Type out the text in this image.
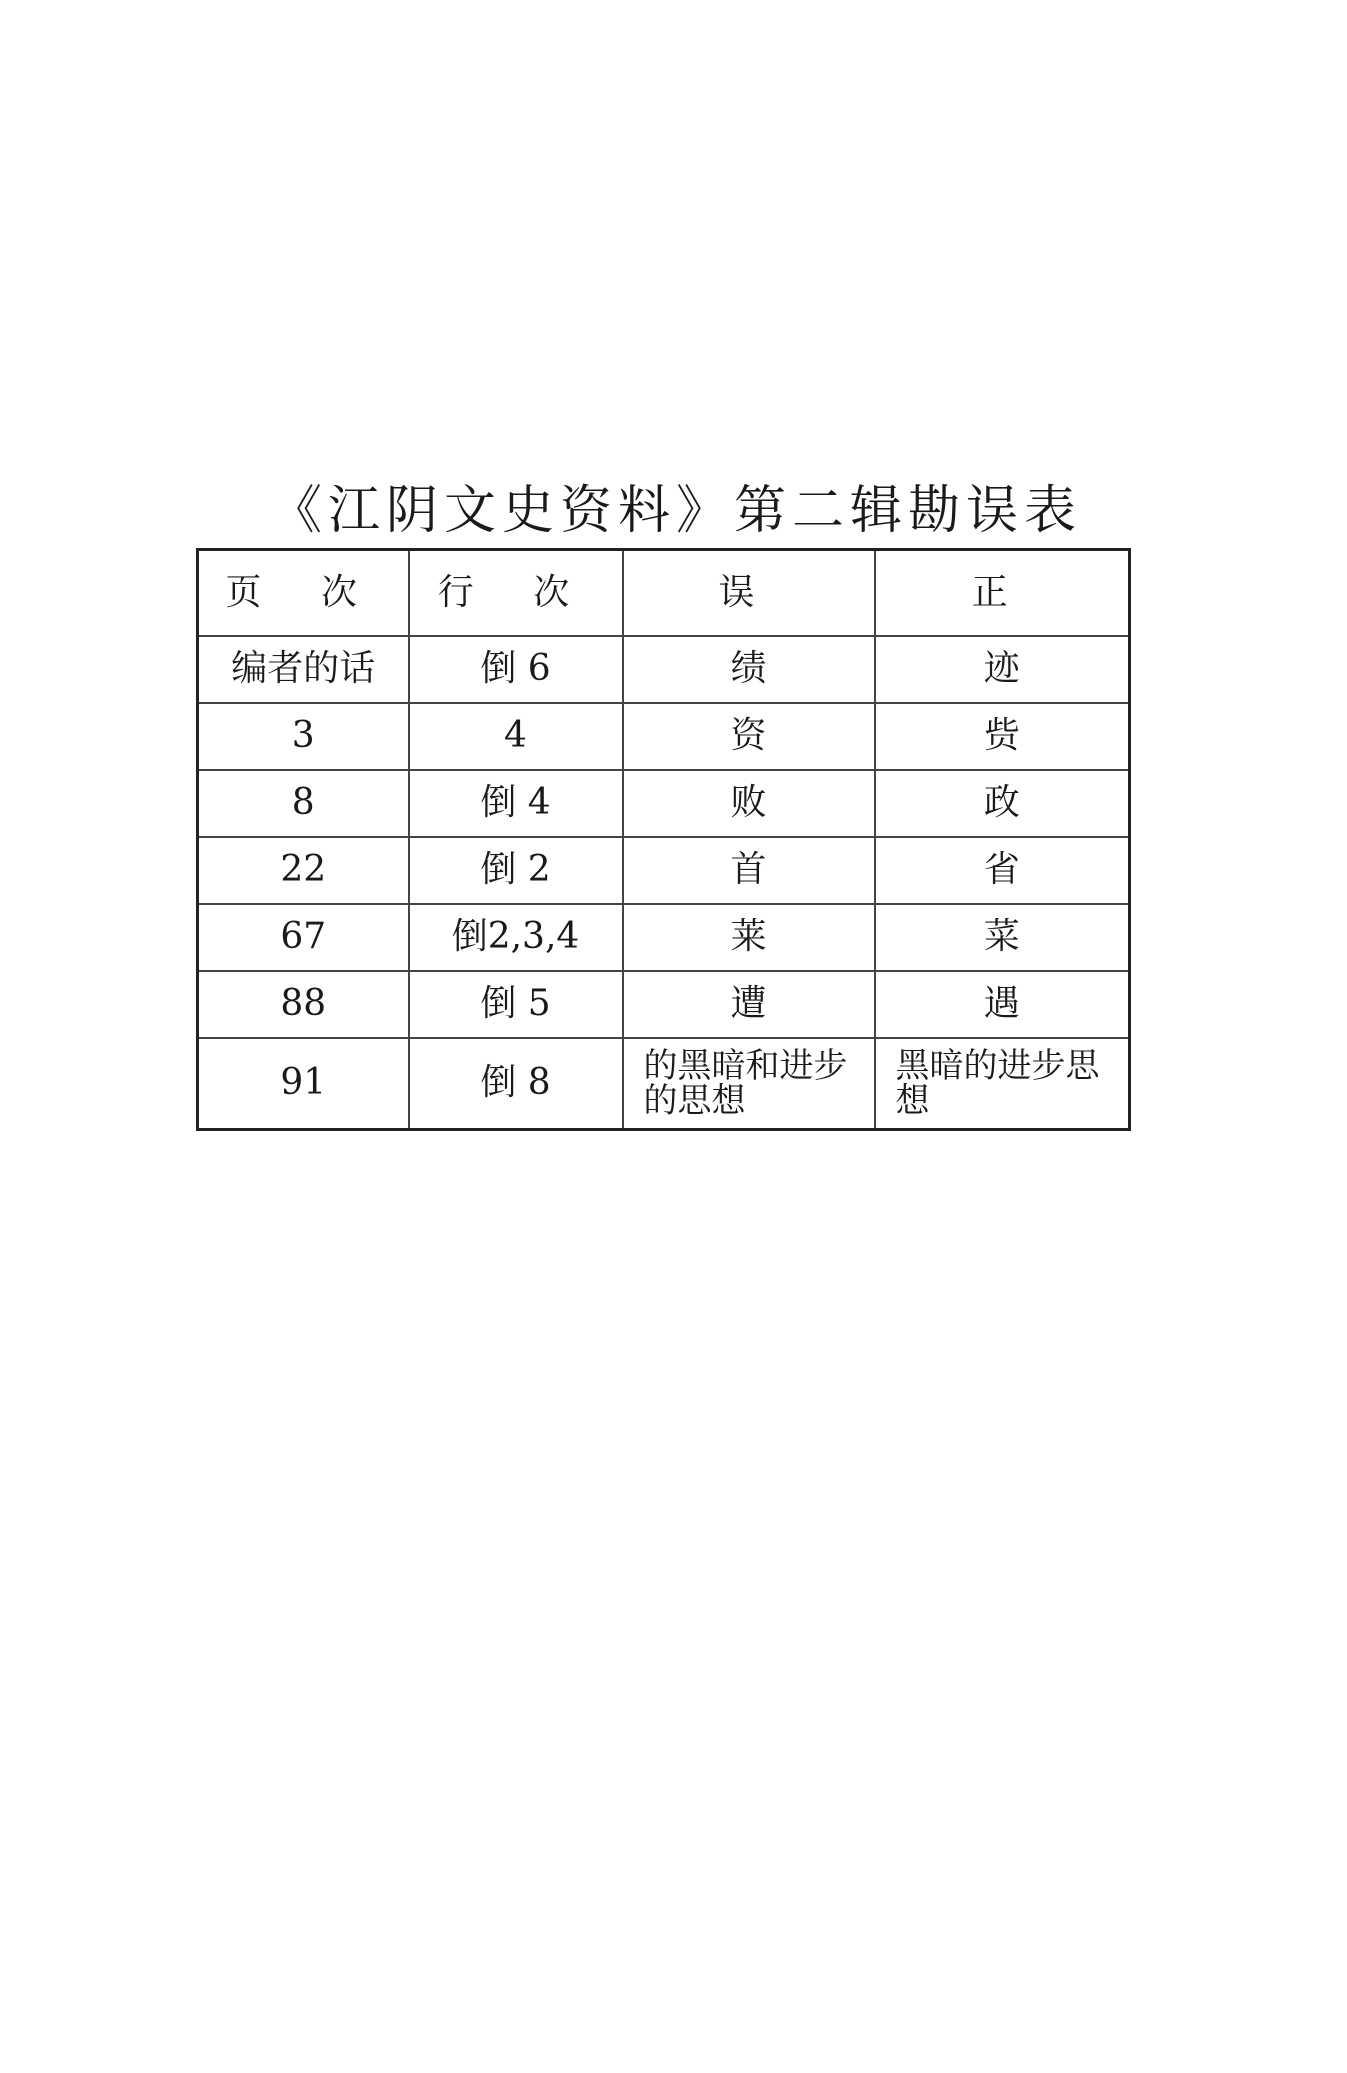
《江阴文史资料》第二辑勘误表
页 次	行 次	误	正
编者的话	倒 6	绩	迹
3	4	资	赀
8	倒 4	败	政
22	倒 2	首	省
67	倒2,3,4	莱	菜
88	倒 5	遭	遇
91	倒 8	的黑暗和进步的思想	黑暗的进步思想
